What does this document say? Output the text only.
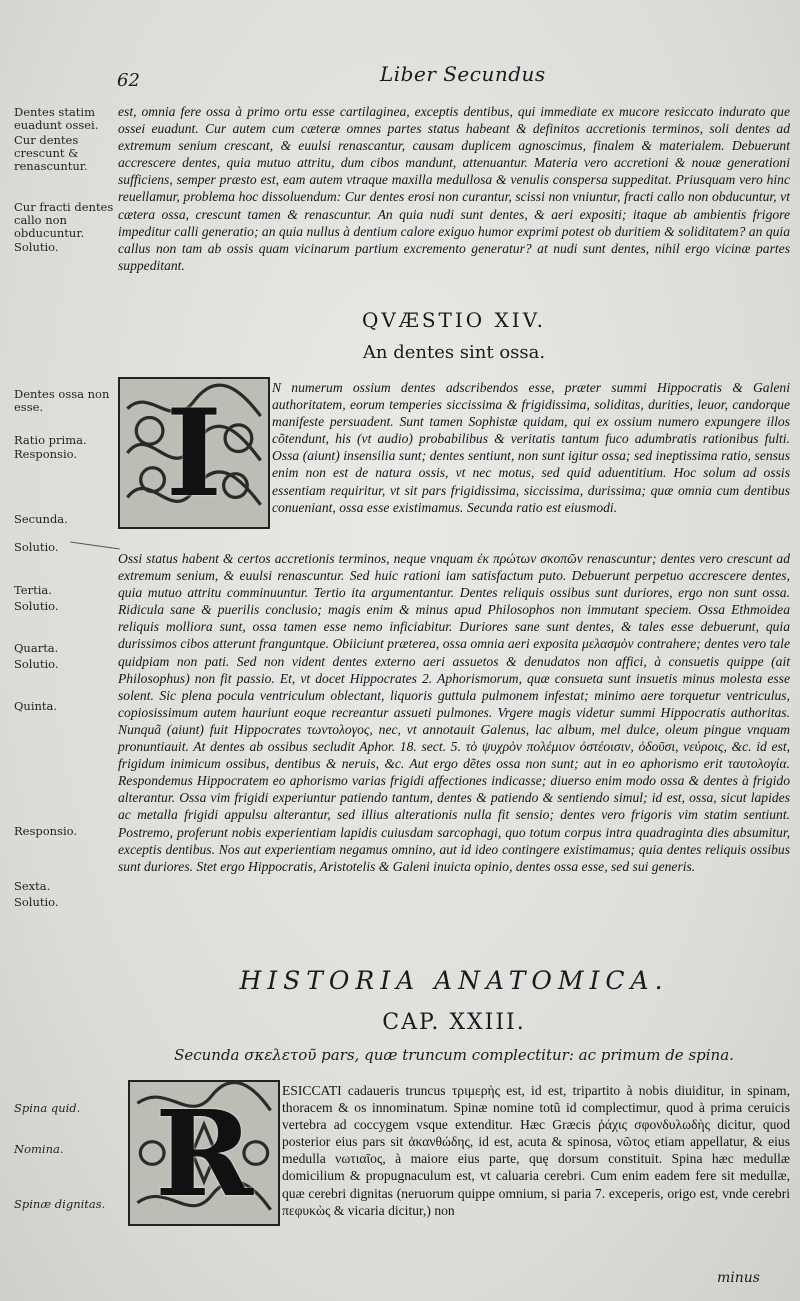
62	Liber Secundus
Dentes statim euadunt ossei.
Cur dentes crescunt & renascuntur.
Cur fracti dentes callo non obducuntur.
Solutio.
est, omnia fere ossa à primo ortu esse cartilaginea, exceptis dentibus, qui immediate ex mucore resiccato indurato que ossei euadunt. Cur autem cum cæteræ omnes partes status habeant & definitos accretionis terminos, soli dentes ad extremum senium crescant, & euulsi renascantur, causam duplicem agnoscimus, finalem & materialem. Debuerunt accrescere dentes, quia mutuo attritu, dum cibos mandunt, attenuantur. Materia vero accretioni & nouæ generationi sufficiens, semper præsto est, eam autem vtraque maxilla medullosa & venulis conspersa suppeditat. Priusquam vero hinc reuellamur, problema hoc dissoluendum: Cur dentes erosi non curantur, scissi non vniuntur, fracti callo non obducuntur, vt cætera ossa, crescunt tamen & renascuntur. An quia nudi sunt dentes, & aeri expositi; itaque ab ambientis frigore impeditur calli generatio; an quia nullus à dentium calore exiguo humor exprimi potest ob duritiem & soliditatem? an quia callus non tam ab ossis quam vicinarum partium excremento generatur? at nudi sunt dentes, nihil ergo vicinæ partes suppeditant.
QVÆSTIO XIV.
An dentes sint ossa.
I	N numerum ossium dentes adscribendos esse, præter summi Hippocratis & Galeni authoritatem, eorum temperies siccissima & frigidissima, soliditas, durities, leuor, candorque manifeste persuadent. Sunt tamen Sophistæ quidam, qui ex ossium numero expungere illos cõtendunt, his (vt audio) probabilibus & veritatis tantum fuco adumbratis rationibus fulti. Ossa (aiunt) insensilia sunt; dentes sentiunt, non sunt igitur ossa; sed ineptissima ratio, sensus enim non est de natura ossis, vt nec motus, sed quid aduentitium. Hoc solum ad ossis essentiam requiritur, vt sit pars frigidissima, siccissima, durissima; quæ omnia cum dentibus conueniant, ossa esse existimamus. Secunda ratio est eiusmodi.
Ossi status habent & certos accretionis terminos, neque vnquam ἐκ πρώτων σκοπῶν renascuntur; dentes vero crescunt ad extremum senium, & euulsi renascuntur. Sed huic rationi iam satisfactum puto. Debuerunt perpetuo accrescere dentes, quia mutuo attritu comminuuntur. Tertio ita argumentantur. Dentes reliquis ossibus sunt duriores, ergo non sunt ossa. Ridicula sane & puerilis conclusio; magis enim & minus apud Philosophos non immutant speciem. Ossa Ethmoidea reliquis molliora sunt, ossa tamen esse nemo inficiabitur. Duriores sane sunt dentes, & tales esse debuerunt, quia durissimos cibos atterunt franguntque. Obiiciunt præterea, ossa omnia aeri exposita μελασμὸν contrahere; dentes vero tale quidpiam non pati. Sed non vident dentes externo aeri assuetos & denudatos non affici, à consuetis quippe (ait Philosophus) non fit passio. Et, vt docet Hippocrates 2. Aphorismorum, quæ consueta sunt insuetis minus molesta esse solent. Sic plena pocula ventriculum oblectant, liquoris guttula pulmonem infestat; minimo aere torquetur ventriculus, copiosissimum autem hauriunt eoque recreantur assueti pulmones. Vrgere magis videtur summi Hippocratis authoritas. Nunquã (aiunt) fuit Hippocrates τωντολογος, nec, vt annotauit Galenus, lac album, mel dulce, oleum pingue vnquam pronuntiauit. At dentes ab ossibus secludit Aphor. 18. sect. 5. τὸ ψυχρὸν πολέμιον ὀστέοισιν, ὀδοῦσι, νεύροις, &c. id est, frigidum inimicum ossibus, dentibus & neruis, &c. Aut ergo dẽtes ossa non sunt; aut in eo aphorismo erit ταυτολογία. Respondemus Hippocratem eo aphorismo varias frigidi affectiones indicasse; diuerso enim modo ossa & dentes à frigido alterantur. Ossa vim frigidi experiuntur patiendo tantum, dentes & patiendo & sentiendo simul; id est, ossa, sicut lapides ac metalla frigidi appulsu alterantur, sed illius alterationis nulla fit sensio; dentes vero frigoris vim statim sentiunt. Postremo, proferunt nobis experientiam lapidis cuiusdam sarcophagi, quo totum corpus intra quadraginta dies absumitur, exceptis dentibus. Nos aut experientiam negamus omnino, aut id ideo contingere existimamus; quia dentes reliquis ossibus sunt duriores. Stet ergo Hippocratis, Aristotelis & Galeni inuicta opinio, dentes ossa esse, sed sui generis.
Dentes ossa non esse.
Ratio prima.
Responsio.
Secunda.
Solutio.
Tertia.
Solutio.
Quarta.
Solutio.
Quinta.
Responsio.
Sexta.
Solutio.
HISTORIA ANATOMICA.
CAP. XXIII.
Secunda σκελετοῦ pars, quæ truncum complectitur: ac primum de spina.
R ESICCATI cadaueris truncus τριμερὴς est, id est, tripartito à nobis diuiditur, in spinam, thoracem & os innominatum. Spinæ nomine totũ id complectimur, quod à prima ceruicis vertebra ad coccygem vsque extenditur. Hæc Græcis ῥάχις σφονδυλωδὴς dicitur, quod posterior eius pars sit ἀκανθώδης, id est, acuta & spinosa, νῶτος etiam appellatur, & eius medulla νωτιαῖος, à maiore eius parte, quę dorsum constituit. Spina hæc medullæ domicilium & propugnaculum est, vt caluaria cerebri. Cum enim eadem fere sit medullæ, quæ cerebri dignitas (neruorum quippe omnium, si paria 7. exceperis, origo est, vnde cerebri πεφυκὼς & vicaria dicitur,) non
Spina quid.
Nomina.
Spinæ dignitas.
minus
